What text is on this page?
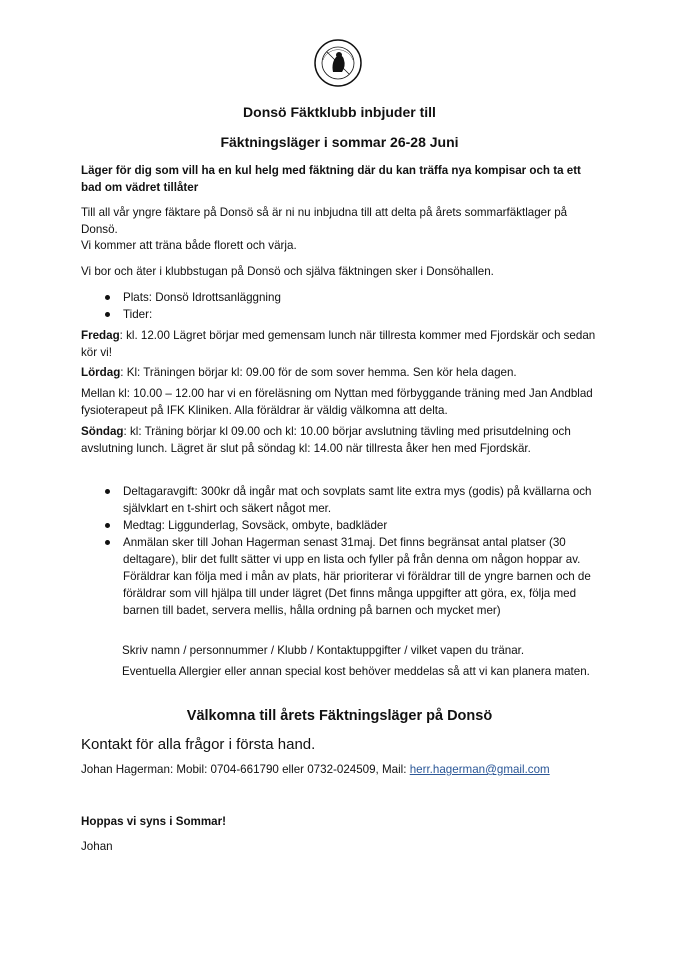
Donsö Fäktklubb inbjuder till
Fäktningsläger i sommar 26-28 Juni

Läger för dig som vill ha en kul helg med fäktning där du kan träffa nya kompisar och ta ett bad om vädret tillåter

Till all vår yngre fäktare på Donsö så är ni nu inbjudna till att delta på årets sommarfäktlager på Donsö.

Vi kommer att träna både florett och värja.

Vi bor och äter i klubbstugan på Donsö och själva fäktningen sker i Donsöhallen.

Plats: Donsö Idrottsanläggning
Tider:

Fredag: kl. 12.00 Lägret börjar med gemensam lunch när tillresta kommer med Fjordskär och sedan kör vi!

Lördag: Kl: Träningen börjar kl: 09.00 för de som sover hemma. Sen kör hela dagen.

Mellan kl: 10.00 – 12.00 har vi en föreläsning om Nyttan med förbyggande träning med Jan Andblad fysioterapeut på IFK Kliniken. Alla föräldrar är väldig välkomna att delta.

Söndag: kl: Träning börjar kl 09.00 och kl: 10.00 börjar avslutning tävling med prisutdelning och avslutning lunch. Lägret är slut på söndag kl: 14.00 när tillresta åker hen med Fjordskär.

Deltagaravgift: 300kr då ingår mat och sovplats samt lite extra mys (godis) på kvällarna och självklart en t-shirt och säkert något mer.
Medtag: Liggunderlag, Sovsäck, ombyte, badkläder
Anmälan sker till Johan Hagerman senast 31maj. Det finns begränsat antal platser (30 deltagare), blir det fullt sätter vi upp en lista och fyller på från denna om någon hoppar av. Föräldrar kan följa med i mån av plats, här prioriterar vi föräldrar till de yngre barnen och de föräldrar som vill hjälpa till under lägret (Det finns många uppgifter att göra, ex, följa med barnen till badet, servera mellis, hålla ordning på barnen och mycket mer)

Skriv namn / personnummer / Klubb / Kontaktuppgifter / vilket vapen du tränar.

Eventuella Allergier eller annan special kost behöver meddelas så att vi kan planera maten.

Välkomna till årets Fäktningsläger på Donsö
Kontakt för alla frågor i första hand.

Johan Hagerman: Mobil: 0704-661790 eller 0732-024509, Mail: herr.hagerman@gmail.com

Hoppas vi syns i Sommar!

Johan
